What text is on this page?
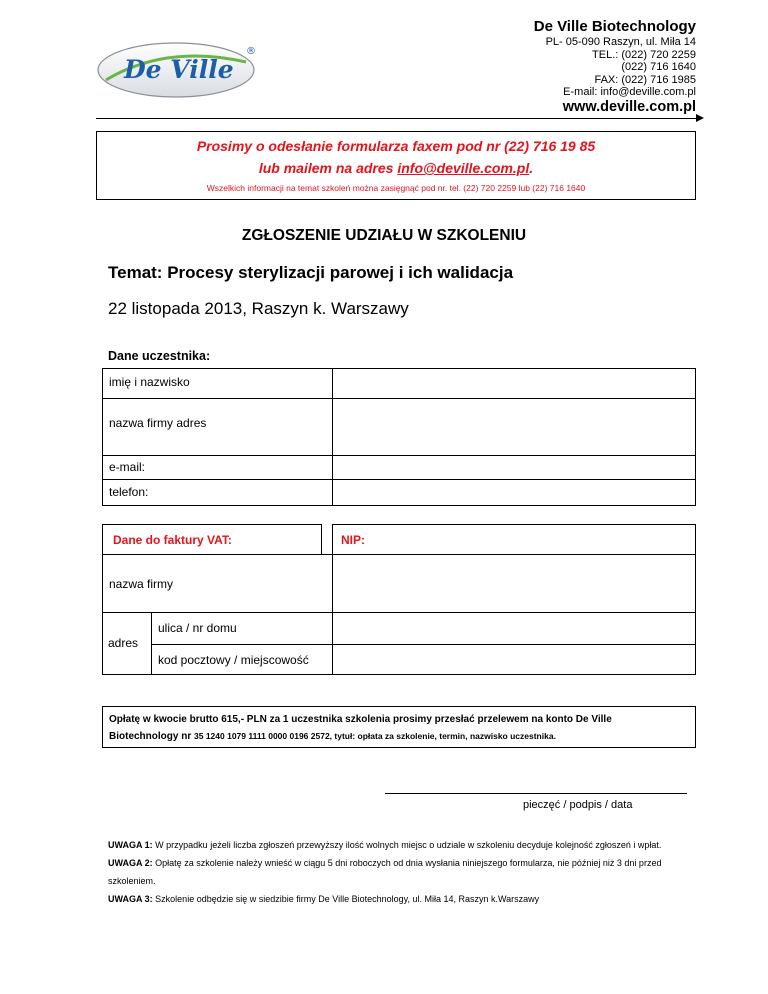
De Ville
®
De Ville Biotechnology
PL- 05-090 Raszyn, ul. Miła 14
TEL.: (022) 720 2259
(022) 716 1640
FAX: (022) 716 1985
E-mail: info@deville.com.pl
www.deville.com.pl
Prosimy o odesłanie formularza faxem pod nr (22) 716 19 85
lub mailem na adres info@deville.com.pl.
Wszelkich informacji na temat szkoleń można zasięgnąć pod nr. tel. (22) 720 2259 lub (22) 716 1640
ZGŁOSZENIE UDZIAŁU W SZKOLENIU
Temat: Procesy sterylizacji parowej i ich walidacja
22 listopada 2013, Raszyn k. Warszawy
Dane uczestnika:
imię i nazwisko
nazwa firmy adres
e-mail:
telefon:
Dane do faktury VAT:	NIP:
nazwa firmy
adres
ulica / nr domu
kod pocztowy / miejscowość
Opłatę w kwocie brutto 615,- PLN za 1 uczestnika szkolenia prosimy przesłać przelewem na konto De Ville
Biotechnology nr 35 1240 1079 1111 0000 0196 2572, tytuł: opłata za szkolenie, termin, nazwisko uczestnika.
pieczęć / podpis / data

UWAGA 1: W przypadku jeżeli liczba zgłoszeń przewyższy ilość wolnych miejsc o udziale w szkoleniu decyduje kolejność zgłoszeń i wpłat.

UWAGA 2: Opłatę za szkolenie należy wnieść w ciągu 5 dni roboczych od dnia wysłania niniejszego formularza, nie później niż 3 dni przed szkoleniem.

UWAGA 3: Szkolenie odbędzie się w siedzibie firmy De Ville Biotechnology, ul. Miła 14, Raszyn k.Warszawy
